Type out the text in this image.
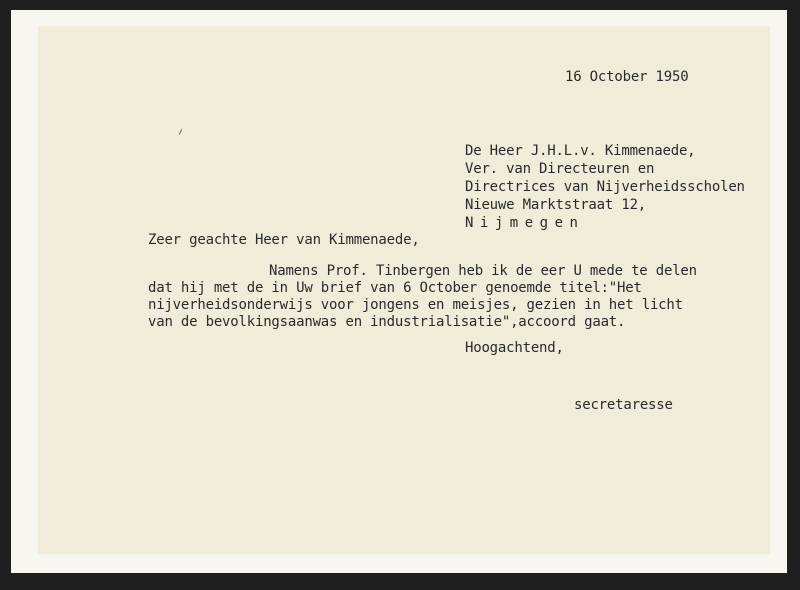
16 October 1950
De Heer J.H.L.v. Kimmenaede,
Ver. van Directeuren en
Directrices van Nijverheidsscholen
Nieuwe Marktstraat 12,
Nijmegen
Zeer geachte Heer van Kimmenaede,
Namens Prof. Tinbergen heb ik de eer U mede te delen
dat hij met de in Uw brief van 6 October genoemde titel:"Het
nijverheidsonderwijs voor jongens en meisjes, gezien in het licht
van de bevolkingsaanwas en industrialisatie",accoord gaat.
Hoogachtend,
secretaresse
